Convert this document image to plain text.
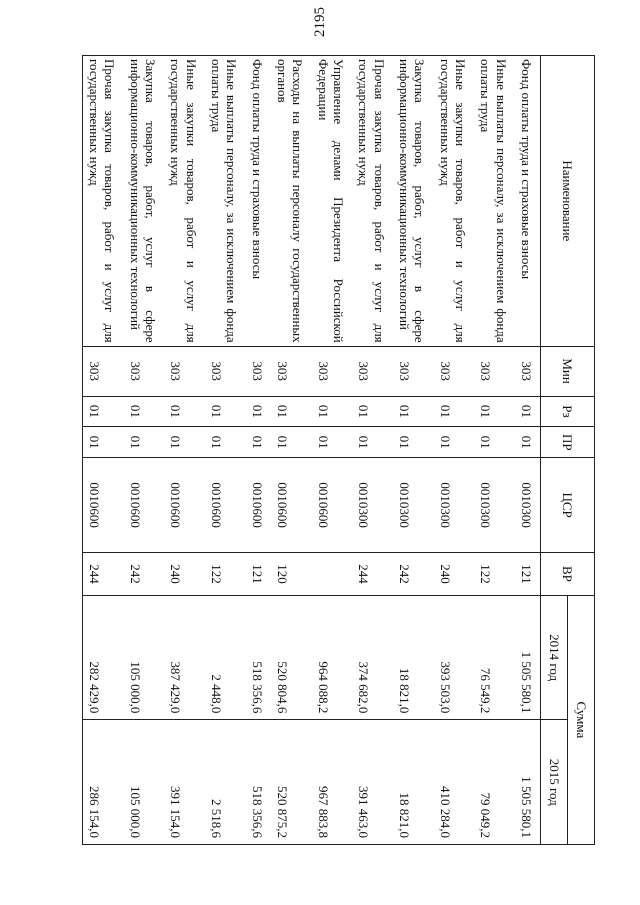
2195
Наименование	Мин	Рз	ПР	ЦСР	ВР	Сумма	
						2014 год	2015 год
Фонд оплаты труда и страховые взносы	303	01	01	0010300	121	1 505 580,1	1 505 580,1
Иные выплаты персоналу, за исключением фонда оплаты труда	303	01	01	0010300	122	76 549,2	79 049,2
Иные закупки товаров, работ и услуг для государственных нужд	303	01	01	0010300	240	393 503,0	410 284,0
Закупка товаров, работ, услуг в сфере информационно-коммуникационных технологий	303	01	01	0010300	242	18 821,0	18 821,0
Прочая закупка товаров, работ и услуг для государственных нужд	303	01	01	0010300	244	374 682,0	391 463,0
Управление делами Президента Российской Федерации	303	01	01	0010600		964 088,2	967 883,8
Расходы на выплаты персоналу государственных органов	303	01	01	0010600	120	520 804,6	520 875,2
Фонд оплаты труда и страховые взносы	303	01	01	0010600	121	518 356,6	518 356,6
Иные выплаты персоналу, за исключением фонда оплаты труда	303	01	01	0010600	122	2 448,0	2 518,6
Иные закупки товаров, работ и услуг для государственных нужд	303	01	01	0010600	240	387 429,0	391 154,0
Закупка товаров, работ, услуг в сфере информационно-коммуникационных технологий	303	01	01	0010600	242	105 000,0	105 000,0
Прочая закупка товаров, работ и услуг для государственных нужд	303	01	01	0010600	244	282 429,0	286 154,0
